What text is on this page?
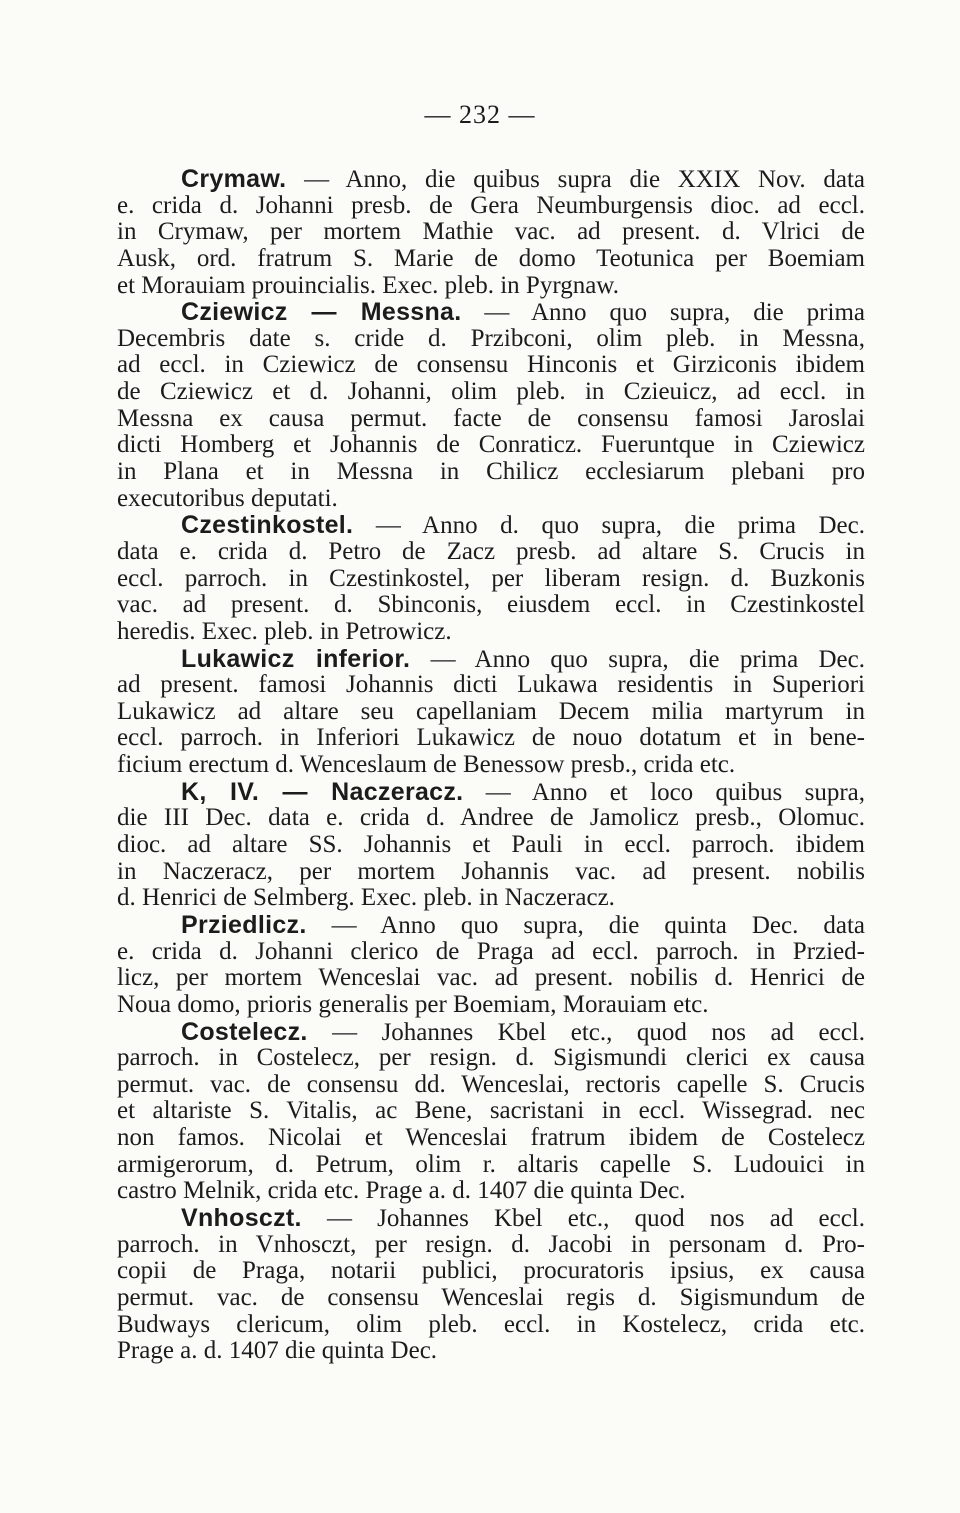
— 232 —
Crymaw. — Anno, die quibus supra die XXIX Nov. data
e. crida d. Johanni presb. de Gera Neumburgensis dioc. ad eccl.
in Crymaw, per mortem Mathie vac. ad present. d. Vlrici de
Ausk, ord. fratrum S. Marie de domo Teotunica per Boemiam
et Morauiam prouincialis. Exec. pleb. in Pyrgnaw.
Cziewicz — Messna. — Anno quo supra, die prima
Decembris date s. cride d. Przibconi, olim pleb. in Messna,
ad eccl. in Cziewicz de consensu Hinconis et Girziconis ibidem
de Cziewicz et d. Johanni, olim pleb. in Czieuicz, ad eccl. in
Messna ex causa permut. facte de consensu famosi Jaroslai
dicti Homberg et Johannis de Conraticz. Fueruntque in Cziewicz
in Plana et in Messna in Chilicz ecclesiarum plebani pro
executoribus deputati.
Czestinkostel. — Anno d. quo supra, die prima Dec.
data e. crida d. Petro de Zacz presb. ad altare S. Crucis in
eccl. parroch. in Czestinkostel, per liberam resign. d. Buzkonis
vac. ad present. d. Sbinconis, eiusdem eccl. in Czestinkostel
heredis. Exec. pleb. in Petrowicz.
Lukawicz inferior. — Anno quo supra, die prima Dec.
ad present. famosi Johannis dicti Lukawa residentis in Superiori
Lukawicz ad altare seu capellaniam Decem milia martyrum in
eccl. parroch. in Inferiori Lukawicz de nouo dotatum et in bene-
ficium erectum d. Wenceslaum de Benessow presb., crida etc.
K, IV. — Naczeracz. — Anno et loco quibus supra,
die III Dec. data e. crida d. Andree de Jamolicz presb., Olomuc.
dioc. ad altare SS. Johannis et Pauli in eccl. parroch. ibidem
in Naczeracz, per mortem Johannis vac. ad present. nobilis
d. Henrici de Selmberg. Exec. pleb. in Naczeracz.
Prziedlicz. — Anno quo supra, die quinta Dec. data
e. crida d. Johanni clerico de Praga ad eccl. parroch. in Przied-
licz, per mortem Wenceslai vac. ad present. nobilis d. Henrici de
Noua domo, prioris generalis per Boemiam, Morauiam etc.
Costelecz. — Johannes Kbel etc., quod nos ad eccl.
parroch. in Costelecz, per resign. d. Sigismundi clerici ex causa
permut. vac. de consensu dd. Wenceslai, rectoris capelle S. Crucis
et altariste S. Vitalis, ac Bene, sacristani in eccl. Wissegrad. nec
non famos. Nicolai et Wenceslai fratrum ibidem de Costelecz
armigerorum, d. Petrum, olim r. altaris capelle S. Ludouici in
castro Melnik, crida etc. Prage a. d. 1407 die quinta Dec.
Vnhosczt. — Johannes Kbel etc., quod nos ad eccl.
parroch. in Vnhosczt, per resign. d. Jacobi in personam d. Pro-
copii de Praga, notarii publici, procuratoris ipsius, ex causa
permut. vac. de consensu Wenceslai regis d. Sigismundum de
Budways clericum, olim pleb. eccl. in Kostelecz, crida etc.
Prage a. d. 1407 die quinta Dec.
